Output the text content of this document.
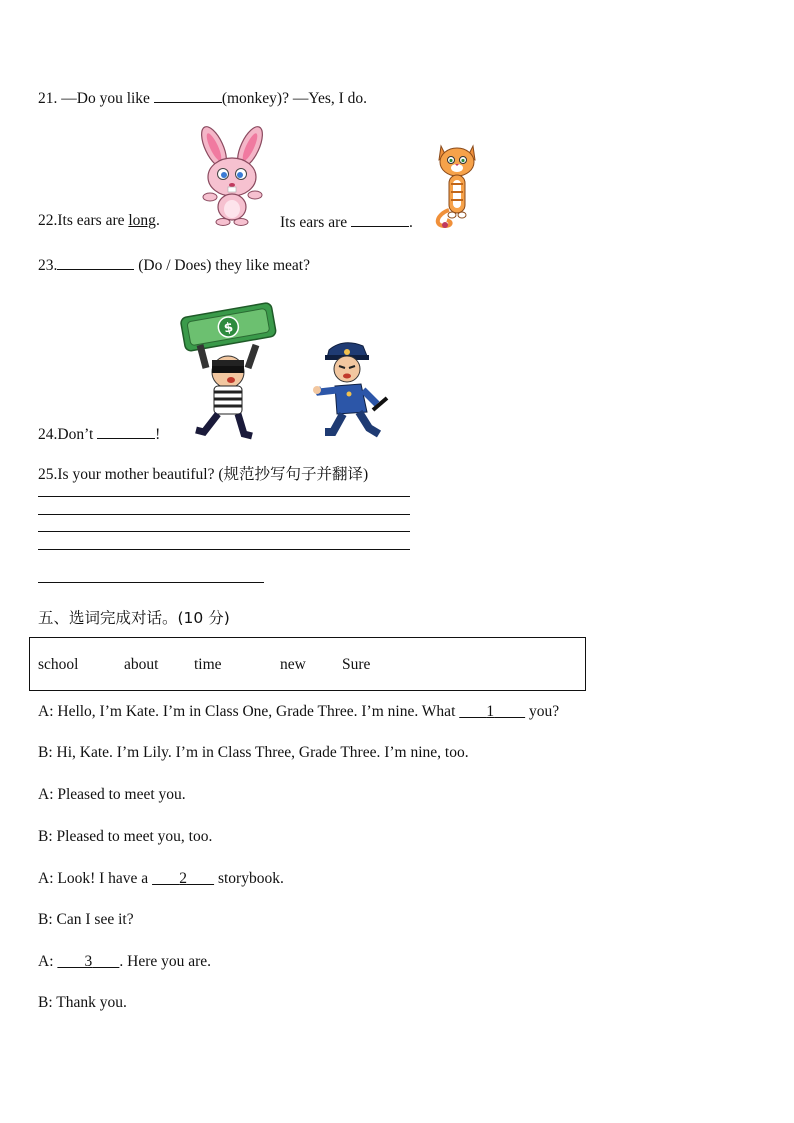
21. —Do you like	(monkey)? —Yes, I do.
22.Its ears are long.	Its ears are	.
23.	(Do / Does) they like meat?
$
24.Don’t	!
25.Is your mother beautiful? (规范抄写句子并翻译)
五、选词完成对话。(10 分)
school	about time	new Sure
A: Hello, I’m Kate. I’m in Class One, Grade Three. I’m nine. What        1         you?
B: Hi, Kate. I’m Lily. I’m in Class Three, Grade Three. I’m nine, too.
A: Pleased to meet you.
B: Pleased to meet you, too.
A: Look! I have a        2        storybook.
B: Can I see it?
A: 3 . Here you are.
B: Thank you.
